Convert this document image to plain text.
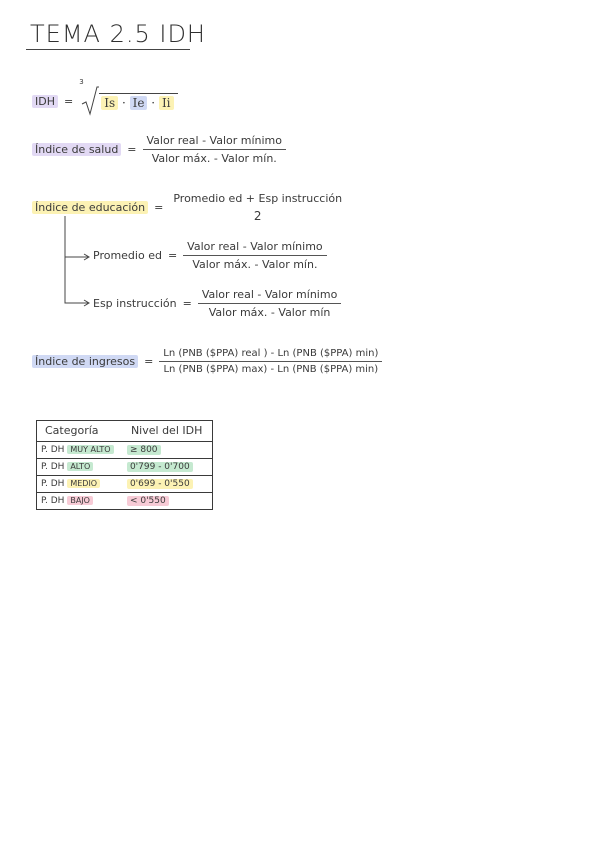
TEMA 2.5 IDH
IDH =
3
Is · Ie · Ii
Índice de salud = $\frac{\text{Valor real - Valor mínimo}}{\text{Valor máx. - Valor mín.}}$
Índice de educación =
Promedio ed + Esp instrucción
2
Promedio ed = $\frac{\text{Valor real - Valor mínimo}}{\text{Valor máx. - Valor mín.}}$
Esp instrucción = $\frac{\text{Valor real - Valor mínimo}}{\text{Valor máx. - Valor mín}}$
Índice de ingresos = $\frac{\text{Ln (PNB (\$PPA) real ) - Ln (PNB (\$PPA) min)}}{\text{Ln (PNB (\$PPA) max) - Ln (PNB (\$PPA) min)}}$
Categoría	Nivel del IDH
P. DH MUY ALTO	≥ 800
P. DH ALTO	0'799 - 0'700
P. DH MEDIO	0'699 - 0'550
P. DH BAJO	< 0'550
